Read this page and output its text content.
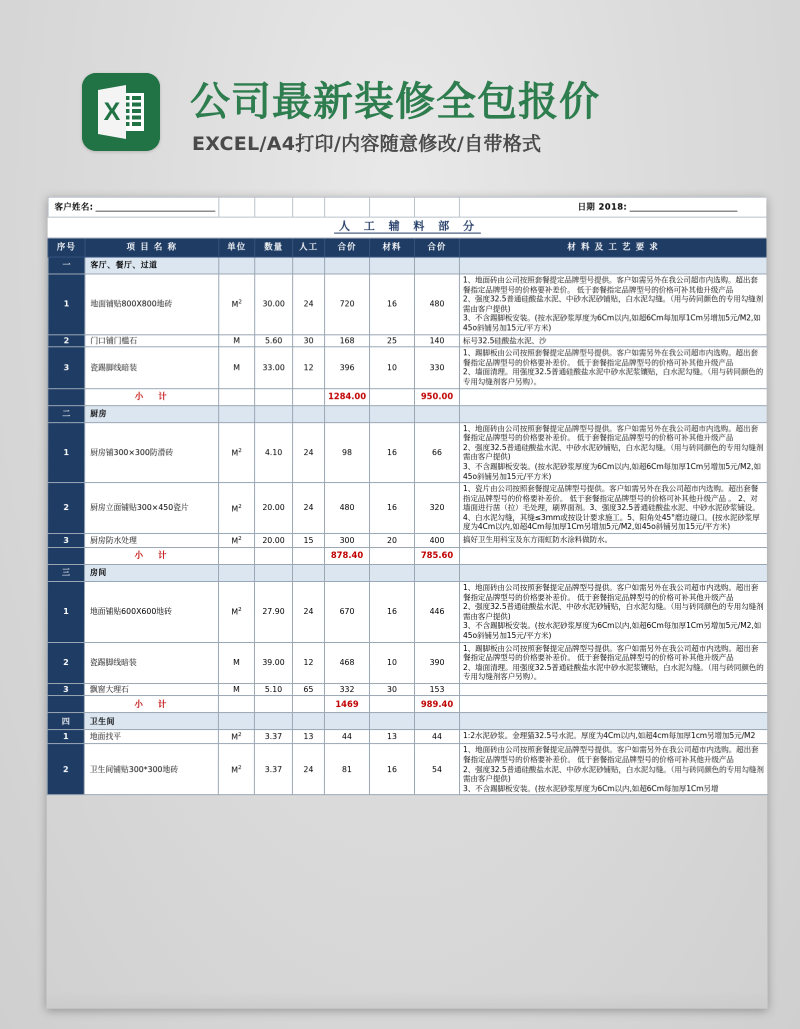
X 公司最新装修全包报价
EXCEL/A4打印/内容随意修改/自带格式
客户姓名:								日期 2018:
人 工 辅 料 部 分								
序号	项 目 名 称	单位	数量	人工	合价	材料	合价	材 料 及 工 艺 要 求
一	客厅、餐厅、过道							
1	地面铺贴800X800地砖	$M^2$	30.00	24	720	16	480	1、地面砖由公司按照套餐提定品牌型号提供。客户如需另外在我公司超市内选购。超出套餐指定品牌型号的价格要补差价。 低于套餐指定品牌型号的价格可补其他升级产品
2、强度32.5普通硅酸盐水泥、中砂水泥砂铺贴，白水泥勾缝。（用与砖同颜色的专用勾缝剂需由客户提供)
3、不含踢脚板安装。(按水泥砂浆厚度为6Cm以内,如超6Cm每加厚1Cm另增加5元/M2,如45o斜铺另加15元/平方米)
2	门口铺门槛石	M	5.60	30	168	25	140	标号32.5硅酸盐水泥、沙
3	瓷踢脚线暗装	M	33.00	12	396	10	330	1、踢脚板由公司按照套餐提定品牌型号提供。客户如需另外在我公司超市内选购。超出套餐指定品牌型号的价格要补差价。 低于套餐指定品牌型号的价格可补其他升级产品
2、墙面清理。用强度32.5普通硅酸盐水泥中砂水泥浆镶贴，白水泥勾缝。（用与砖同颜色的专用勾缝剂客户另购）。
	小 计				1284.00		950.00	
二	厨房							
1	厨房铺300×300防滑砖	$M^2$	4.10	24	98	16	66	1、地面砖由公司按照套餐提定品牌型号提供。客户如需另外在我公司超市内选购。超出套餐指定品牌型号的价格要补差价。 低于套餐指定品牌型号的价格可补其他升级产品
2、强度32.5普通硅酸盐水泥、中砂水泥砂铺贴，白水泥勾缝。（用与砖同颜色的专用勾缝剂需由客户提供)
3、不含踢脚板安装。(按水泥砂浆厚度为6Cm以内,如超6Cm每加厚1Cm另增加5元/M2,如45o斜铺另加15元/平方米)
2	厨房立面铺贴300×450瓷片	$M^2$	20.00	24	480	16	320	1、瓷片由公司按照套餐提定品牌型号提供。客户如需另外在我公司超市内选购。超出套餐指定品牌型号的价格要补差价。 低于套餐指定品牌型号的价格可补其他升级产品 。 2、对墙面进行凿（拉）毛处理，刷界面剂。3、强度32.5普通硅酸盐水泥、中砂水泥砂浆铺设。4、白水泥勾缝，其缝≤3mm或按设计要求施工。5、阳角处45°磨边碰口。(按水泥砂浆厚度为4Cm以内,如超4Cm每加厚1Cm另增加5元/M2,如45o斜铺另加15元/平方米)
3	厨房防水处理	$M^2$	20.00	15	300	20	400	搞好卫生用科宝及东方雨虹防水涂料做防水。
	小 计				878.40		785.60	
三	房间							
1	地面铺贴600X600地砖	$M^2$	27.90	24	670	16	446	1、地面砖由公司按照套餐提定品牌型号提供。客户如需另外在我公司超市内选购。超出套餐指定品牌型号的价格要补差价。 低于套餐指定品牌型号的价格可补其他升级产品
2、强度32.5普通硅酸盐水泥、中砂水泥砂铺贴，白水泥勾缝。（用与砖同颜色的专用勾缝剂需由客户提供)
3、不含踢脚板安装。(按水泥砂浆厚度为6Cm以内,如超6Cm每加厚1Cm另增加5元/M2,如45o斜铺另加15元/平方米)
2	瓷踢脚线暗装	M	39.00	12	468	10	390	1、踢脚板由公司按照套餐提定品牌型号提供。客户如需另外在我公司超市内选购。超出套餐指定品牌型号的价格要补差价。 低于套餐指定品牌型号的价格可补其他升级产品
2、墙面清理。用强度32.5普通硅酸盐水泥中砂水泥浆镶贴，白水泥勾缝。（用与砖同颜色的专用勾缝剂客户另购）。
3	飘窗大理石	M	5.10	65	332	30	153	
	小 计				1469		989.40	
四	卫生间							
1	地面找平	$M^2$	3.37	13	44	13	44	1:2水泥砂浆。金理猫32.5号水泥。厚度为4Cm以内,如超4cm每加厚1cm另增加5元/M2
2	卫生间铺贴300*300地砖	$M^2$	3.37	24	81	16	54	1、地面砖由公司按照套餐提定品牌型号提供。客户如需另外在我公司超市内选购。超出套餐指定品牌型号的价格要补差价。 低于套餐指定品牌型号的价格可补其他升级产品
2、强度32.5普通硅酸盐水泥、中砂水泥砂铺贴，白水泥勾缝。（用与砖同颜色的专用勾缝剂需由客户提供)
3、不含踢脚板安装。(按水泥砂浆厚度为6Cm以内,如超6Cm每加厚1Cm另增
